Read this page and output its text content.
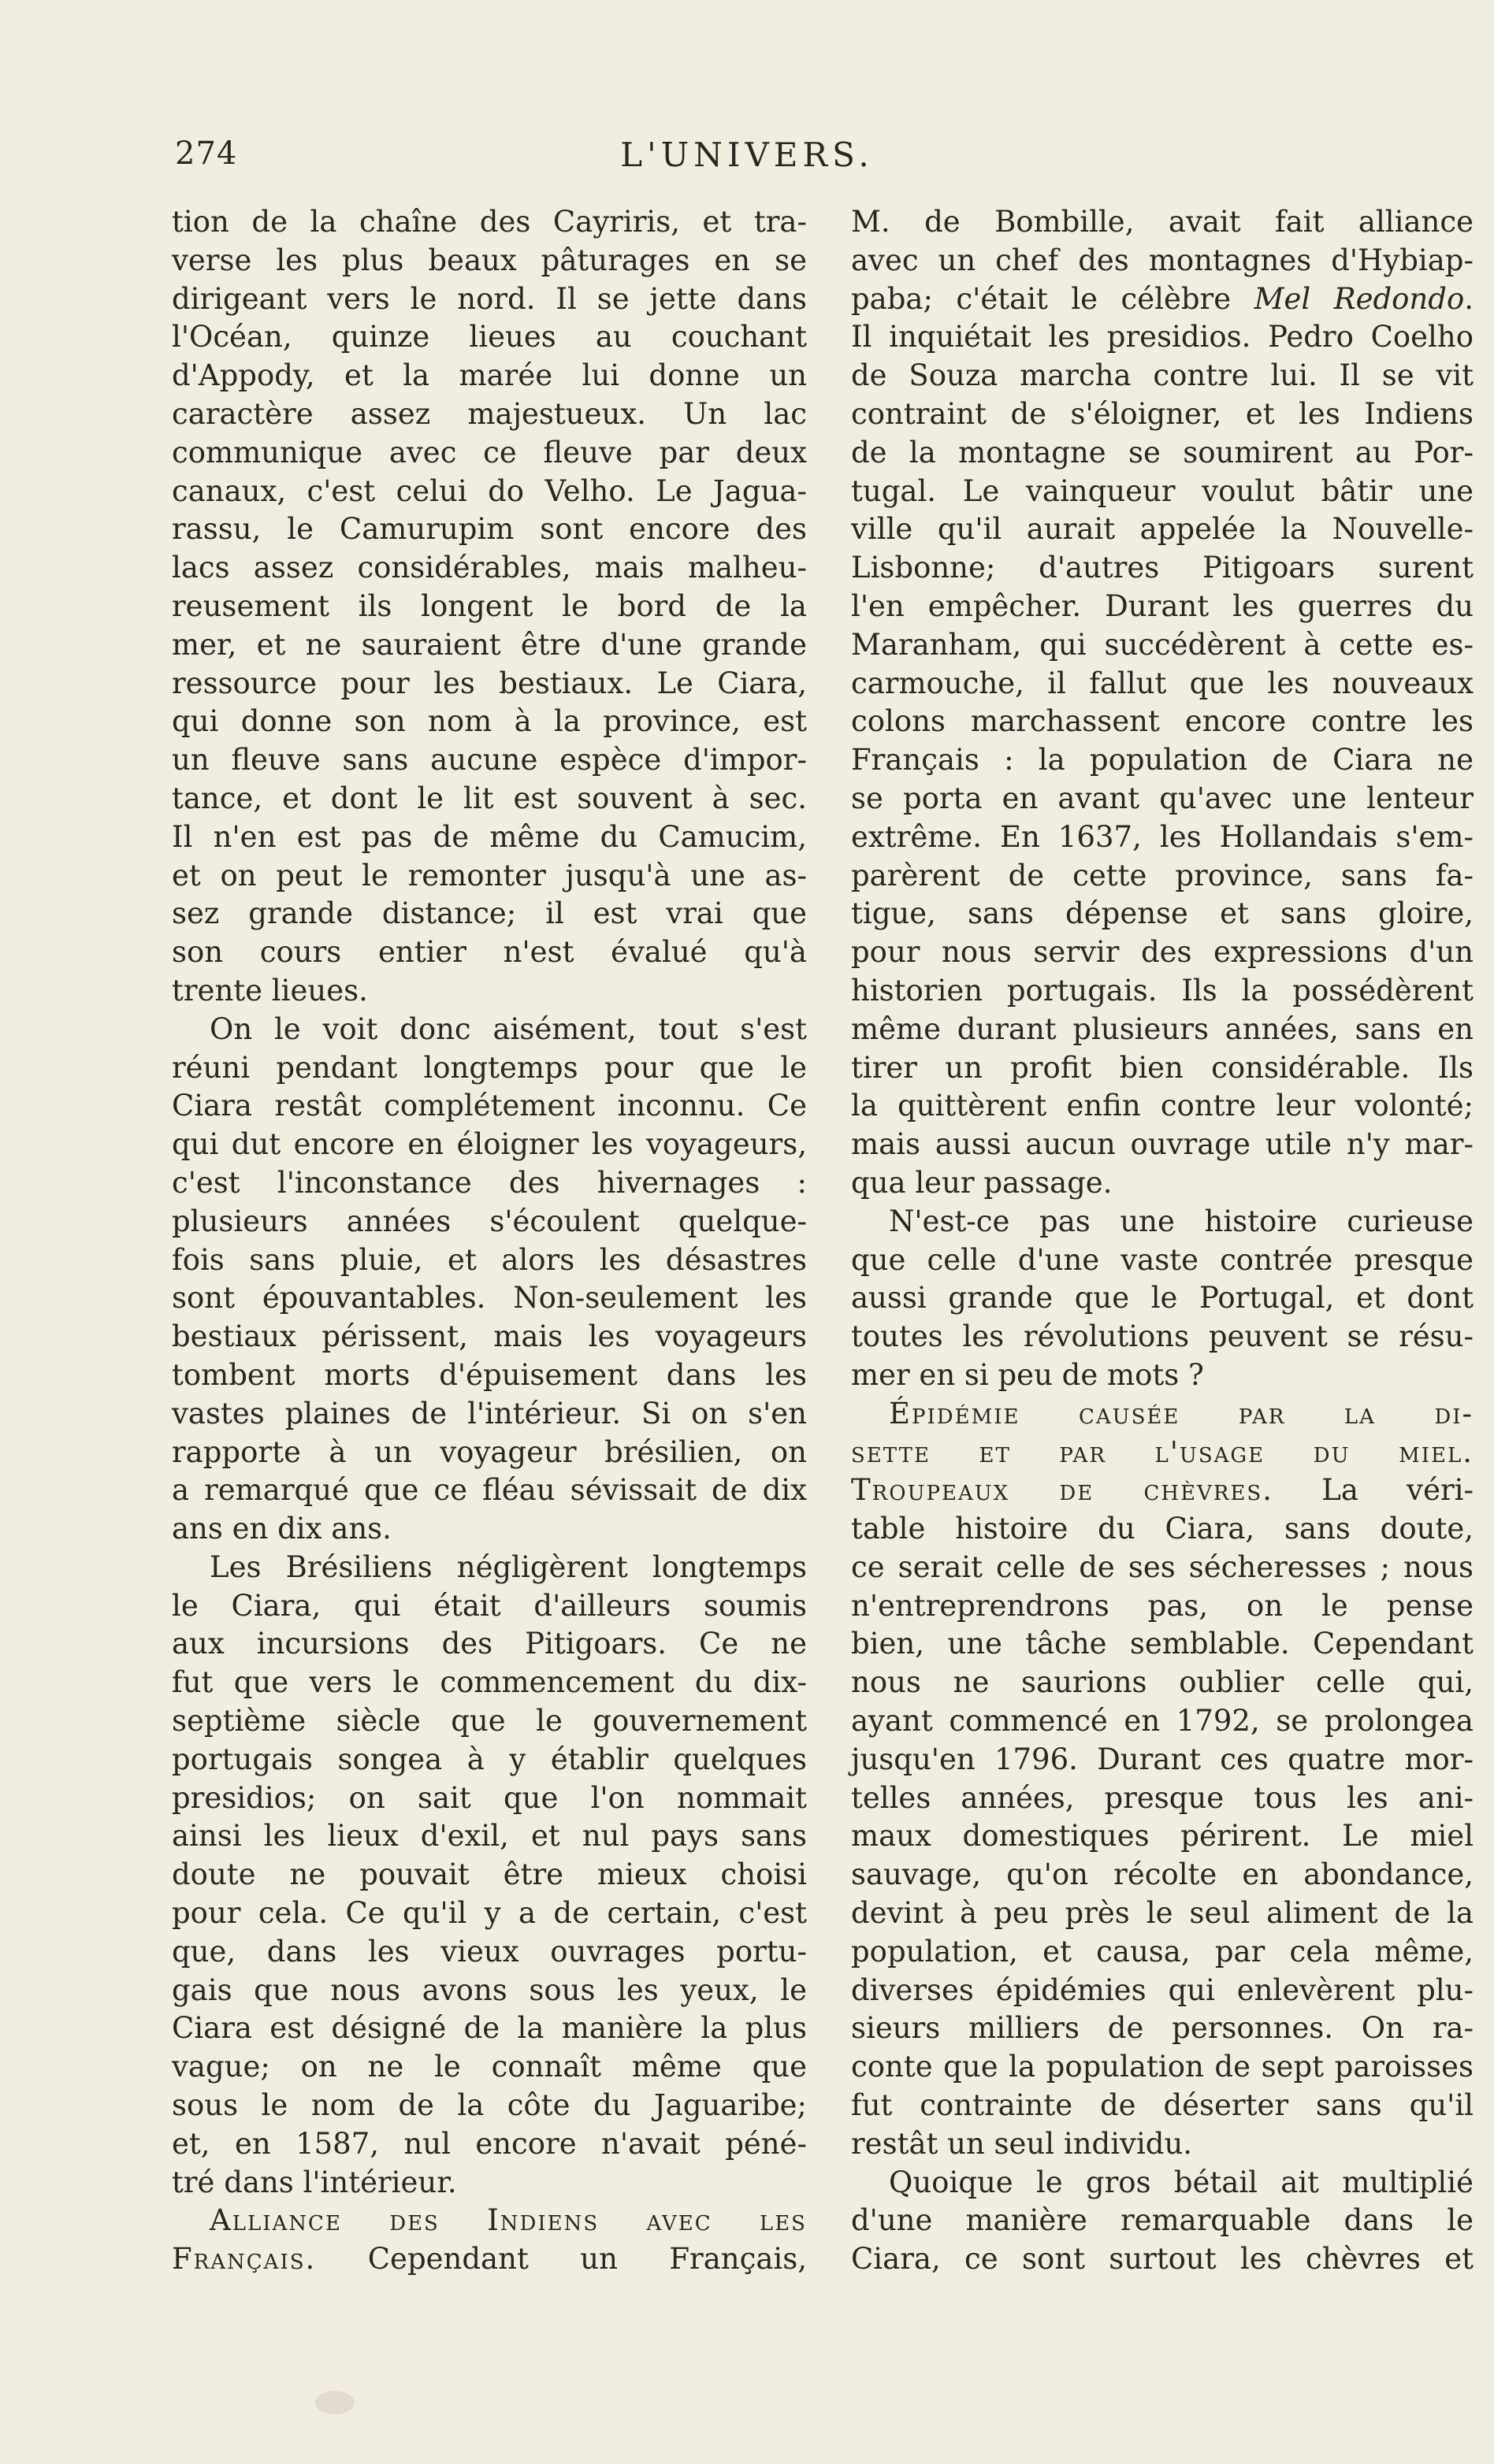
274	L'UNIVERS.
tion de la chaîne des Cayriris, et tra-
verse les plus beaux pâturages en se
dirigeant vers le nord. Il se jette dans
l'Océan, quinze lieues au couchant
d'Appody, et la marée lui donne un
caractère assez majestueux. Un lac
communique avec ce fleuve par deux
canaux, c'est celui do Velho. Le Jagua-
rassu, le Camurupim sont encore des
lacs assez considérables, mais malheu-
reusement ils longent le bord de la
mer, et ne sauraient être d'une grande
ressource pour les bestiaux. Le Ciara,
qui donne son nom à la province, est
un fleuve sans aucune espèce d'impor-
tance, et dont le lit est souvent à sec.
Il n'en est pas de même du Camucim,
et on peut le remonter jusqu'à une as-
sez grande distance; il est vrai que
son cours entier n'est évalué qu'à
trente lieues.
On le voit donc aisément, tout s'est
réuni pendant longtemps pour que le
Ciara restât complétement inconnu. Ce
qui dut encore en éloigner les voyageurs,
c'est l'inconstance des hivernages :
plusieurs années s'écoulent quelque-
fois sans pluie, et alors les désastres
sont épouvantables. Non-seulement les
bestiaux périssent, mais les voyageurs
tombent morts d'épuisement dans les
vastes plaines de l'intérieur. Si on s'en
rapporte à un voyageur brésilien, on
a remarqué que ce fléau sévissait de dix
ans en dix ans.
Les Brésiliens négligèrent longtemps
le Ciara, qui était d'ailleurs soumis
aux incursions des Pitigoars. Ce ne
fut que vers le commencement du dix-
septième siècle que le gouvernement
portugais songea à y établir quelques
presidios; on sait que l'on nommait
ainsi les lieux d'exil, et nul pays sans
doute ne pouvait être mieux choisi
pour cela. Ce qu'il y a de certain, c'est
que, dans les vieux ouvrages portu-
gais que nous avons sous les yeux, le
Ciara est désigné de la manière la plus
vague; on ne le connaît même que
sous le nom de la côte du Jaguaribe;
et, en 1587, nul encore n'avait péné-
tré dans l'intérieur.
Alliance des Indiens avec les
Français. Cependant un Français,
M. de Bombille, avait fait alliance
avec un chef des montagnes d'Hybiap-
paba; c'était le célèbre Mel Redondo.
Il inquiétait les presidios. Pedro Coelho
de Souza marcha contre lui. Il se vit
contraint de s'éloigner, et les Indiens
de la montagne se soumirent au Por-
tugal. Le vainqueur voulut bâtir une
ville qu'il aurait appelée la Nouvelle-
Lisbonne; d'autres Pitigoars surent
l'en empêcher. Durant les guerres du
Maranham, qui succédèrent à cette es-
carmouche, il fallut que les nouveaux
colons marchassent encore contre les
Français : la population de Ciara ne
se porta en avant qu'avec une lenteur
extrême. En 1637, les Hollandais s'em-
parèrent de cette province, sans fa-
tigue, sans dépense et sans gloire,
pour nous servir des expressions d'un
historien portugais. Ils la possédèrent
même durant plusieurs années, sans en
tirer un profit bien considérable. Ils
la quittèrent enfin contre leur volonté;
mais aussi aucun ouvrage utile n'y mar-
qua leur passage.
N'est-ce pas une histoire curieuse
que celle d'une vaste contrée presque
aussi grande que le Portugal, et dont
toutes les révolutions peuvent se résu-
mer en si peu de mots ?
Épidémie causée par la di-
sette et par l'usage du miel.
Troupeaux de chèvres. La véri-
table histoire du Ciara, sans doute,
ce serait celle de ses sécheresses ; nous
n'entreprendrons pas, on le pense
bien, une tâche semblable. Cependant
nous ne saurions oublier celle qui,
ayant commencé en 1792, se prolongea
jusqu'en 1796. Durant ces quatre mor-
telles années, presque tous les ani-
maux domestiques périrent. Le miel
sauvage, qu'on récolte en abondance,
devint à peu près le seul aliment de la
population, et causa, par cela même,
diverses épidémies qui enlevèrent plu-
sieurs milliers de personnes. On ra-
conte que la population de sept paroisses
fut contrainte de déserter sans qu'il
restât un seul individu.
Quoique le gros bétail ait multiplié
d'une manière remarquable dans le
Ciara, ce sont surtout les chèvres et
